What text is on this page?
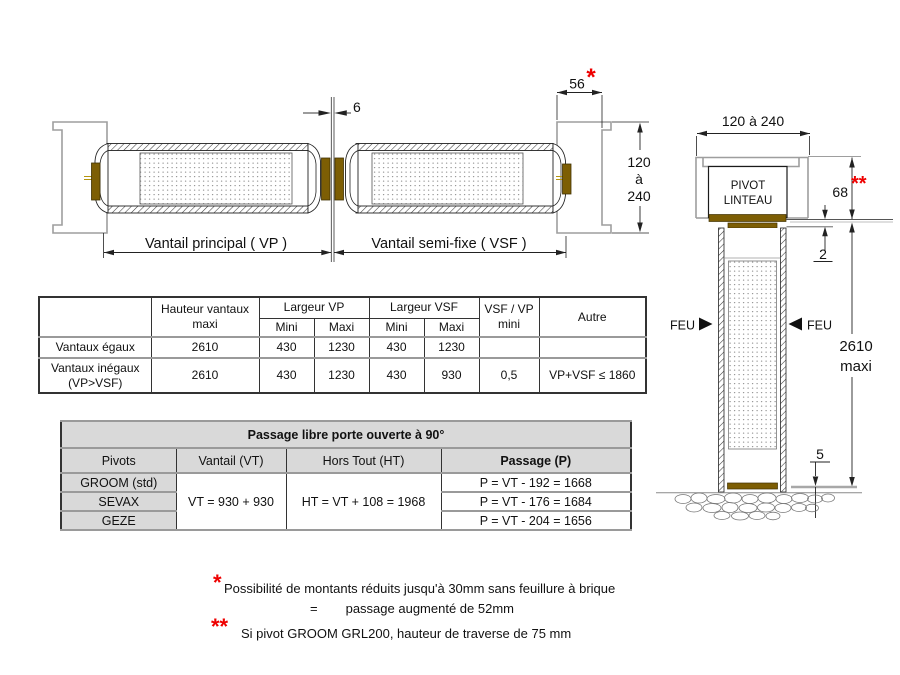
6
56 *
Vantail principal ( VP )	Vantail semi-fixe ( VSF )
120
à
240
120 à 240
PIVOT
LINTEAU
FEU	FEU
68 **
2
2610
maxi
5
	Hauteur vantaux maxi	Largeur VP		Largeur VSF		VSF / VP mini	Autre
		Mini	Maxi	Mini	Maxi		
Vantaux égaux	2610	430	1230	430	1230		
Vantaux inégaux (VP>VSF)	2610	430	1230	430	930	0,5	VP+VSF ≤ 1860
Passage libre porte ouverte à 90°			
Pivots	Vantail (VT)	Hors Tout (HT)	Passage (P)
GROOM (std)	VT = 930 + 930	HT = VT + 108 = 1968	P = VT - 192 = 1668
SEVAX			P = VT - 176 = 1684
GEZE			P = VT - 204 = 1656
* Possibilité de montants réduits jusqu'à 30mm sans feuillure à brique
= passage augmenté de 52mm
** Si pivot GROOM GRL200, hauteur de traverse de 75 mm
